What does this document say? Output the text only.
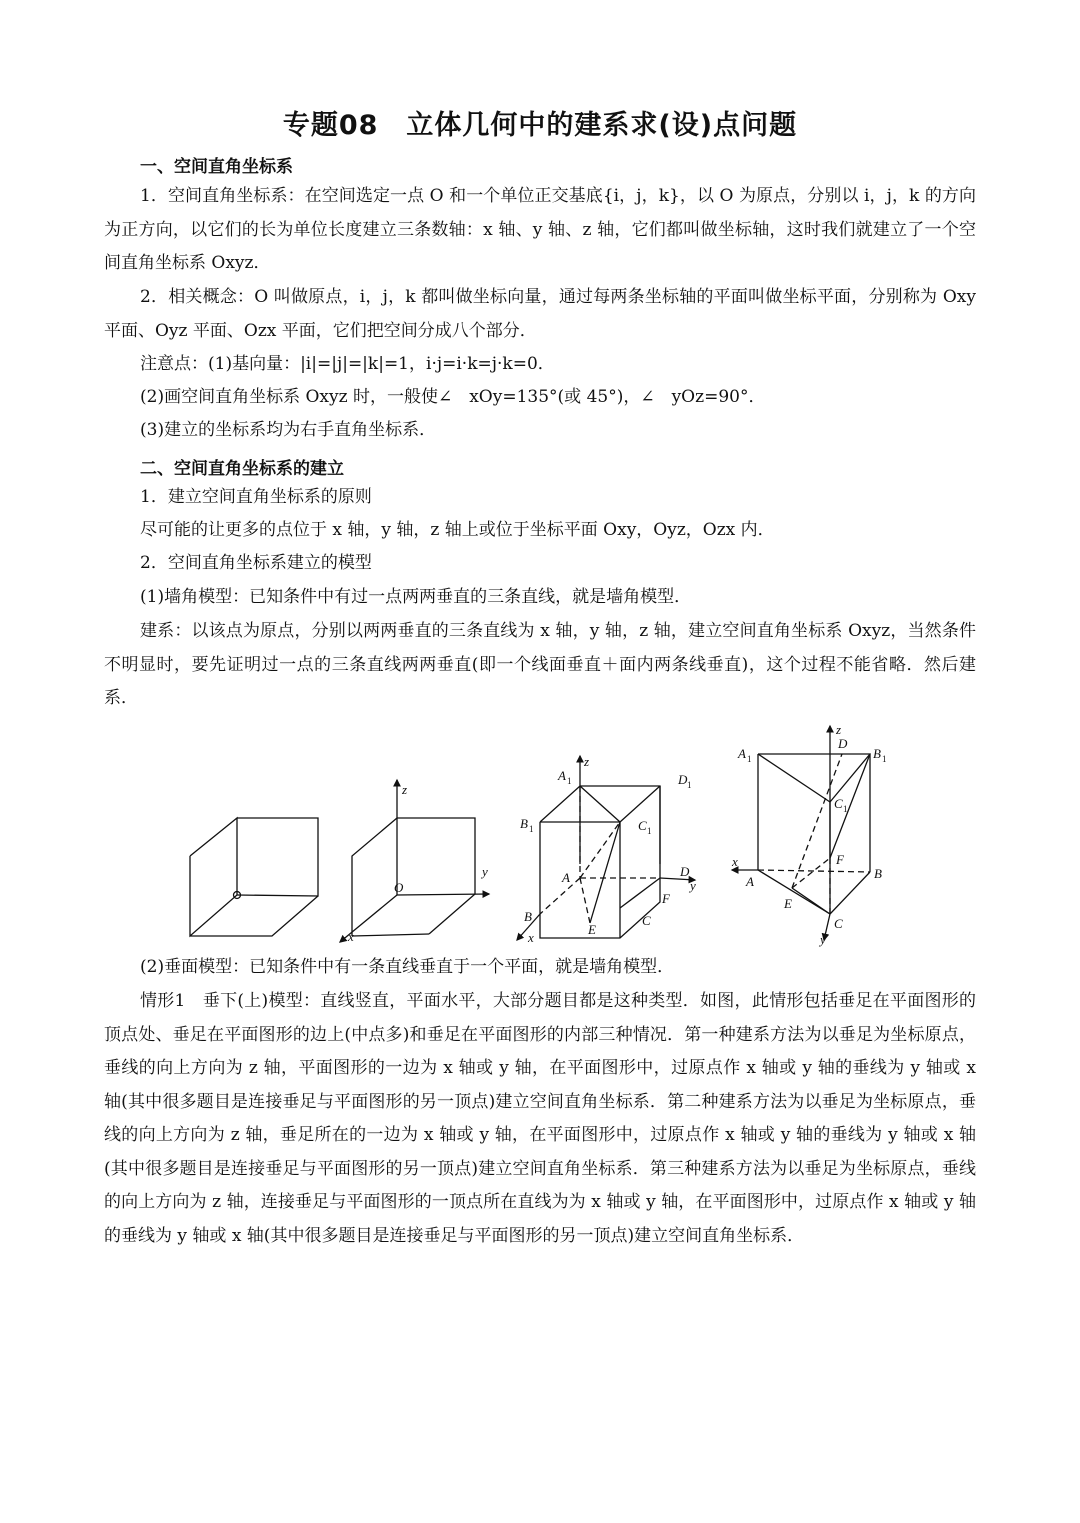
专题08　立体几何中的建系求(设)点问题
一、空间直角坐标系
1．空间直角坐标系：在空间选定一点 O 和一个单位正交基底{i，j，k}，以 O 为原点，分别以 i，j，k 的方向为正方向，以它们的长为单位长度建立三条数轴：x 轴、y 轴、z 轴，它们都叫做坐标轴，这时我们就建立了一个空间直角坐标系 Oxyz．
2．相关概念：O 叫做原点，i，j，k 都叫做坐标向量，通过每两条坐标轴的平面叫做坐标平面，分别称为 Oxy 平面、Oyz 平面、Ozx 平面，它们把空间分成八个部分．
注意点：(1)基向量：|i|=|j|=|k|=1，i·j=i·k=j·k=0．
(2)画空间直角坐标系 Oxyz 时，一般使∠　xOy=135°(或 45°)，∠　yOz=90°．
(3)建立的坐标系均为右手直角坐标系．
二、空间直角坐标系的建立
1．建立空间直角坐标系的原则
尽可能的让更多的点位于 x 轴，y 轴，z 轴上或位于坐标平面 Oxy，Oyz，Ozx 内．
2．空间直角坐标系建立的模型
(1)墙角模型：已知条件中有过一点两两垂直的三条直线，就是墙角模型．
建系：以该点为原点，分别以两两垂直的三条直线为 x 轴，y 轴，z 轴，建立空间直角坐标系 Oxyz，当然条件不明显时，要先证明过一点的三条直线两两垂直(即一个线面垂直＋面内两条线垂直)，这个过程不能省略．然后建系．
z
y
O
x
z
A 1	D 1
B 1	C 1
A	D
y
F
B	C
E
x
z
A 1
D
B 1
C 1
F
x
A
B
E
C
y
(2)垂面模型：已知条件中有一条直线垂直于一个平面，就是墙角模型．
情形1　垂下(上)模型：直线竖直，平面水平，大部分题目都是这种类型．如图，此情形包括垂足在平面图形的顶点处、垂足在平面图形的边上(中点多)和垂足在平面图形的内部三种情况．第一种建系方法为以垂足为坐标原点，垂线的向上方向为 z 轴，平面图形的一边为 x 轴或 y 轴，在平面图形中，过原点作 x 轴或 y 轴的垂线为 y 轴或 x 轴(其中很多题目是连接垂足与平面图形的另一顶点)建立空间直角坐标系．第二种建系方法为以垂足为坐标原点，垂线的向上方向为 z 轴，垂足所在的一边为 x 轴或 y 轴，在平面图形中，过原点作 x 轴或 y 轴的垂线为 y 轴或 x 轴(其中很多题目是连接垂足与平面图形的另一顶点)建立空间直角坐标系．第三种建系方法为以垂足为坐标原点，垂线的向上方向为 z 轴，连接垂足与平面图形的一顶点所在直线为为 x 轴或 y 轴，在平面图形中，过原点作 x 轴或 y 轴的垂线为 y 轴或 x 轴(其中很多题目是连接垂足与平面图形的另一顶点)建立空间直角坐标系．
